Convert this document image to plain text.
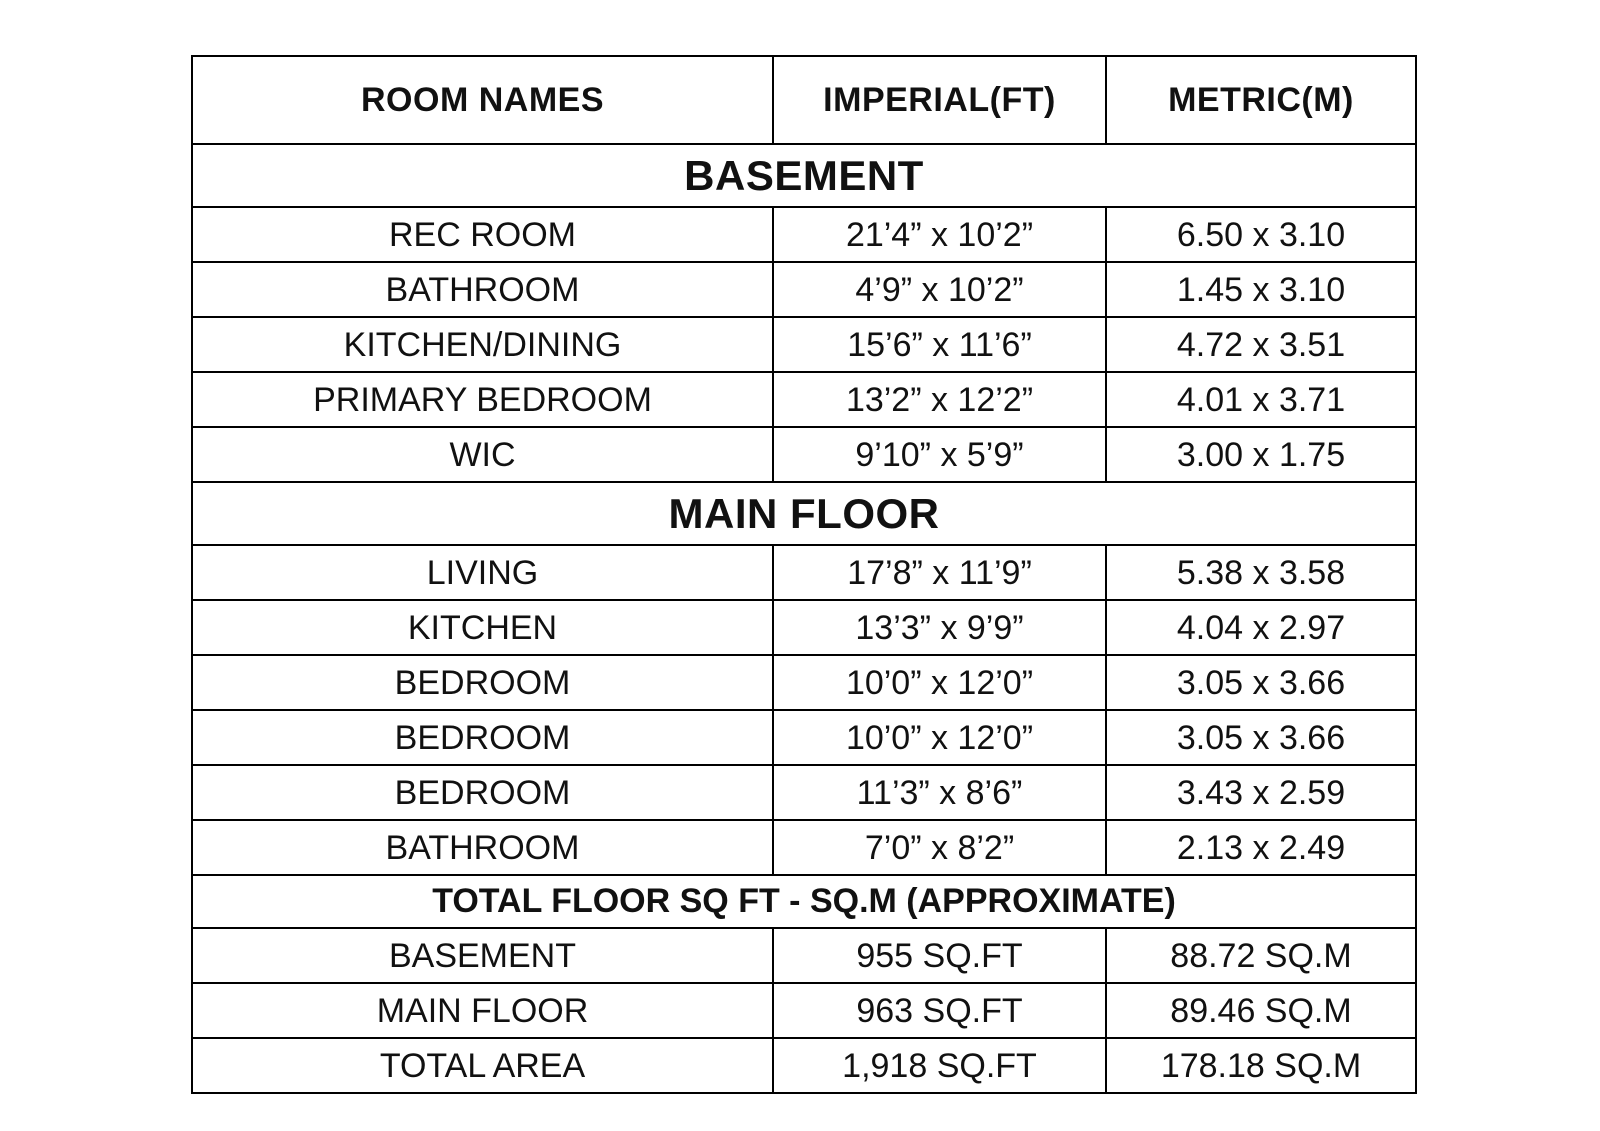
ROOM NAMES	IMPERIAL(FT)	METRIC(M)
BASEMENT		
REC ROOM	21’4” x 10’2”	6.50 x 3.10
BATHROOM	4’9” x 10’2”	1.45 x 3.10
KITCHEN/DINING	15’6” x 11’6”	4.72 x 3.51
PRIMARY BEDROOM	13’2” x 12’2”	4.01 x 3.71
WIC	9’10” x 5’9”	3.00 x 1.75
MAIN FLOOR		
LIVING	17’8” x 11’9”	5.38 x 3.58
KITCHEN	13’3” x 9’9”	4.04 x 2.97
BEDROOM	10’0” x 12’0”	3.05 x 3.66
BEDROOM	10’0” x 12’0”	3.05 x 3.66
BEDROOM	11’3” x 8’6”	3.43 x 2.59
BATHROOM	7’0” x 8’2”	2.13 x 2.49
TOTAL FLOOR SQ FT - SQ.M (APPROXIMATE)		
BASEMENT	955 SQ.FT	88.72 SQ.M
MAIN FLOOR	963 SQ.FT	89.46 SQ.M
TOTAL AREA	1,918 SQ.FT	178.18 SQ.M
